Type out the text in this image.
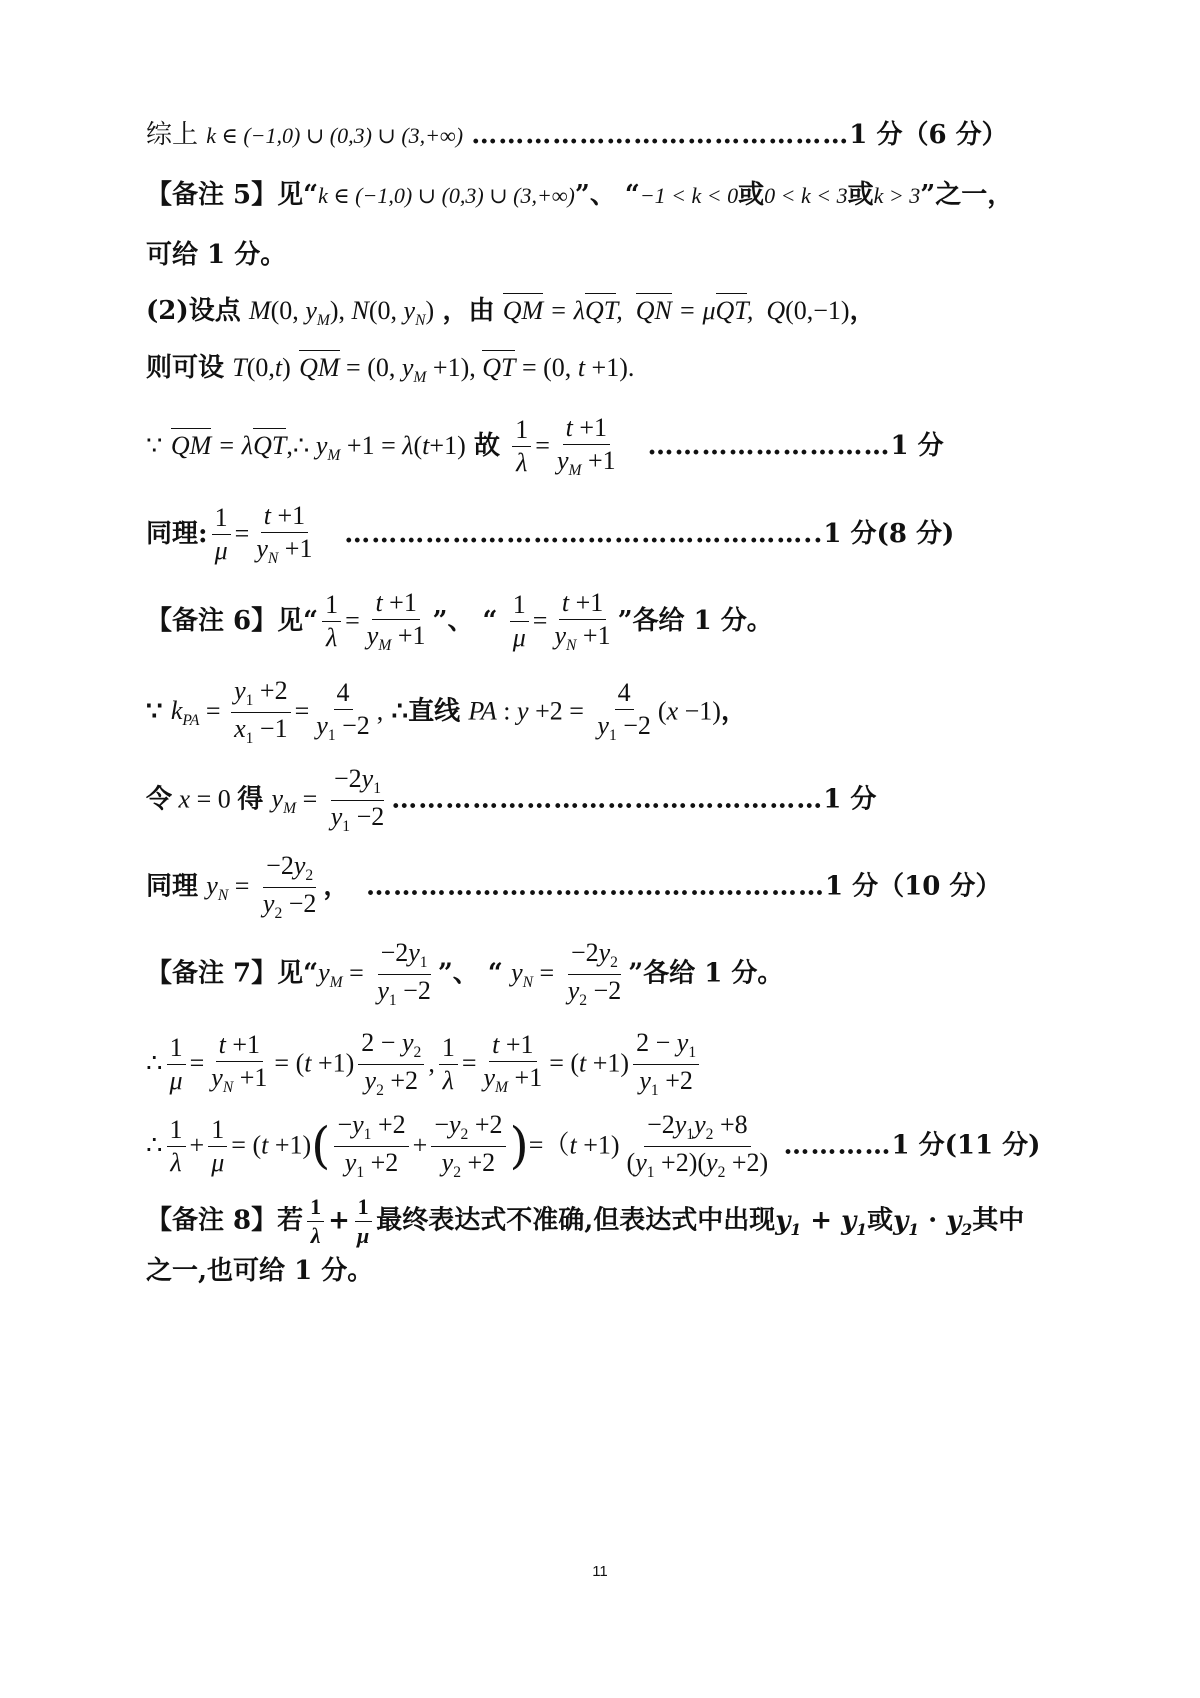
综上 k ∈ (−1,0) ∪ (0,3) ∪ (3,+∞) ……………………………………1 分（6 分）
【备注 5】见“k ∈ (−1,0) ∪ (0,3) ∪ (3,+∞)”、 “−1 < k < 0或0 < k < 3或k > 3”之一，
可给 1 分。
(2)设点 M(0, $y_M$), N(0, $y_N$) ，由 QM = λQT,  QN = μQT,  Q(0,−1)，
则可设 T(0,t) QM = (0, $y_M +1$), QT = (0, t +1).
∵ QM = λQT,∴ $y_M +1 = \lambda(t+1)$ 故 $\frac{1}{\lambda} = \frac{t +1}{y_M +1}$ ………………………1 分
同理: $\frac{1}{\mu} = \frac{t +1}{y_N +1}$ ……………………………………………..1 分(8 分)
【备注 6】见“ $\frac{1}{\lambda} = \frac{t +1}{y_M +1}$ ”、 “ $\frac{1}{\mu} = \frac{t +1}{y_N +1}$ ”各给 1 分。
∵ $k_{PA} = \frac{y_1 +2}{x_1 -1} = \frac{4}{y_1 -2}$ , ∴直线 PA : $y +2 = \frac{4}{y_1 -2} (x -1)$，
令 x = 0 得 $y_M = \frac{-2y_1}{y_1 -2}$ …………………………………………1 分
同理 $y_N = \frac{-2y_2}{y_2 -2}$ ， ……………………………………………1 分（10 分）
【备注 7】见“$y_M = \frac{-2y_1}{y_1 -2}$ ”、 “ $y_N = \frac{-2y_2}{y_2 -2}$ ”各给 1 分。
∴ $\frac{1}{\mu} = \frac{t +1}{y_N +1} = (t +1) \frac{2 - y_2}{y_2 +2}$ , $\frac{1}{\lambda} = \frac{t +1}{y_M +1} = (t +1) \frac{2 - y_1}{y_1 +2}$
∴ $\frac{1}{\lambda} + \frac{1}{\mu} = (t +1)( \frac{-y_1 +2}{y_1 +2} + \frac{-y_2 +2}{y_2 +2} )=(t +1) \frac{-2y_1y_2 +8}{(y_1 +2)(y_2 +2)}$ …………1 分(11 分)
【备注 8】若 $\frac{1}{\lambda} + \frac{1}{\mu}$ 最终表达式不准确,但表达式中出现$y_1 + y_1$或$y_1 \cdot y_2$其中
之一,也可给 1 分。
11
